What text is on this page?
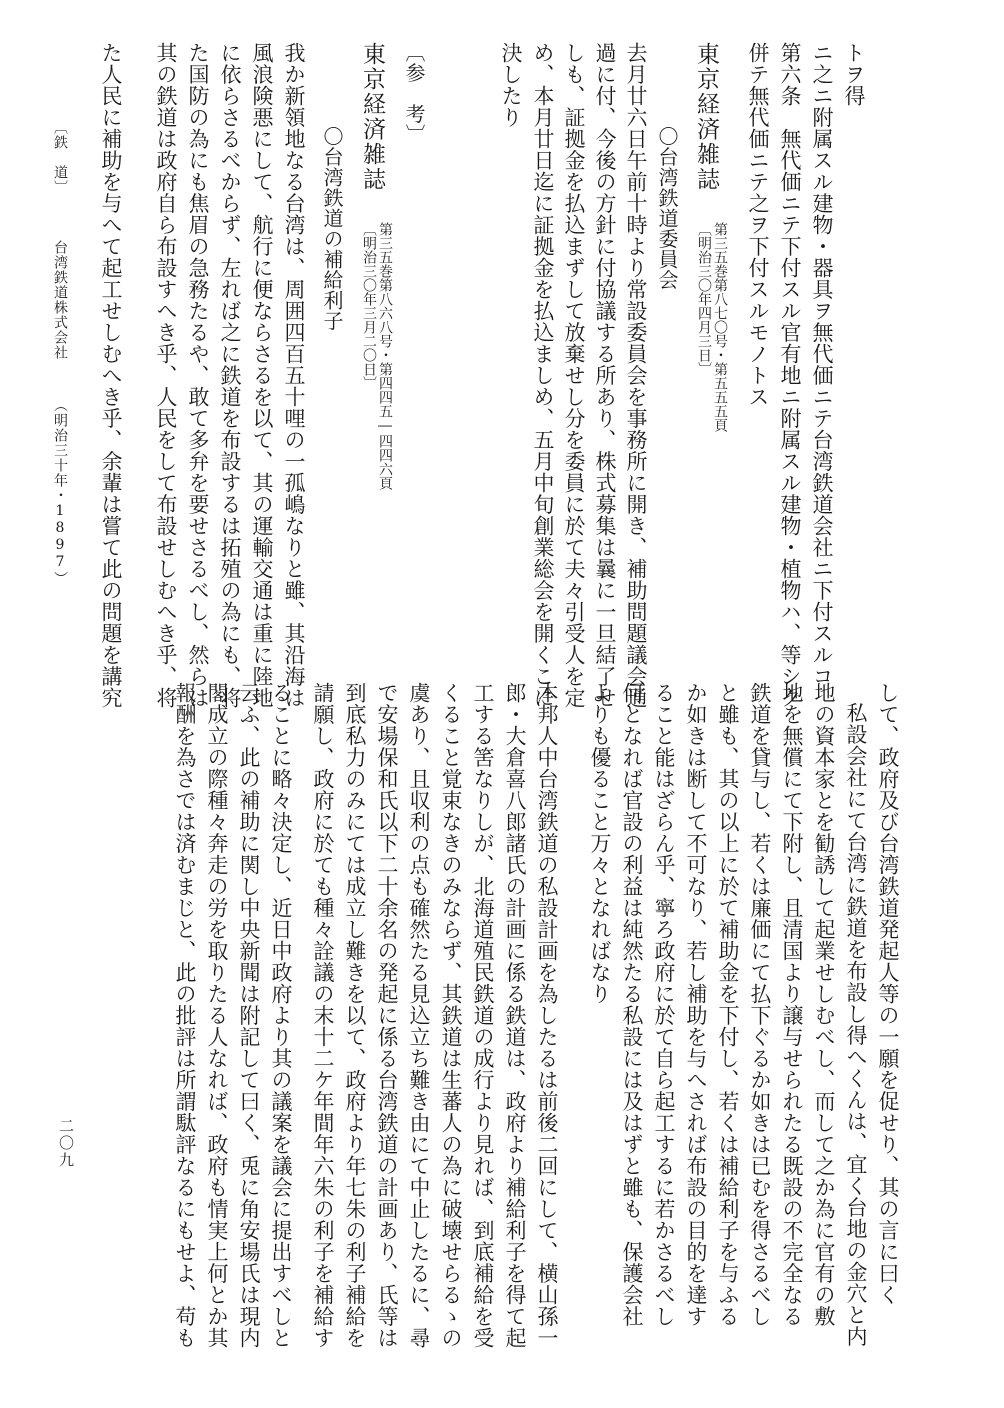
ニ之ニ附属スル建物・器具ヲ無代価ニテ台湾鉄道会社ニ下付スルコ トヲ得
第六条　無代価ニテ下付スル官有地ニ附属スル建物・植物ハ、等シク
併テ無代価ニテ之ヲ下付スルモノトス
東京経済雑誌
第三五巻第八七〇号・第五五五頁
〔明治三〇年四月三日〕
〇台湾鉄道委員会
去月廿六日午前十時より常設委員会を事務所に開き、補助問題議会通
過に付、今後の方針に付協議する所あり、株式募集は曩に一旦結了せ
しも、証拠金を払込まずして放棄せし分を委員に於て夫々引受人を定
め、本月廿日迄に証拠金を払込ましめ、五月中旬創業総会を開くこに
決したり
〔参　考〕
東京経済雑誌
第三五巻第八六八号・第四四五―四四六頁
〔明治三〇年三月二〇日〕
〇台湾鉄道の補給利子
我か新領地なる台湾は、周囲四百五十哩の一孤嶋なりと雖、其沿海は
風浪険悪にして、航行に便ならさるを以て、其の運輸交通は重に陸地
に依らさるべからず、左れば之に鉄道を布設するは拓殖の為にも、将
た国防の為にも焦眉の急務たるや、敢て多弁を要せさるべし、然らは
其の鉄道は政府自ら布設すへき乎、人民をして布設せしむへき乎、将
た人民に補助を与へて起工せしむへき乎、余輩は嘗て此の問題を講究
〔鉄　道〕
台湾鉄道株式会社
（明治三十年・1897）
して、政府及び台湾鉄道発起人等の一願を促せり、其の言に曰く
私設会社にて台湾に鉄道を布設し得へくんは、宜く台地の金穴と内
地の資本家とを勧誘して起業せしむべし、而して之か為に官有の敷
地を無償にて下附し、且清国より譲与せられたる既設の不完全なる
鉄道を貸与し、若くは廉価にて払下ぐるか如きは已むを得さるべし
と雖も、其の以上に於て補助金を下付し、若くは補給利子を与ふる
か如きは断して不可なり、若し補助を与へされば布設の目的を達す
ること能はざらん乎、寧ろ政府に於て自ら起工するに若かさるべし
何となれば官設の利益は純然たる私設には及はずと雖も、保護会社
よりも優ること万々となればなり
本邦人中台湾鉄道の私設計画を為したるは前後二回にして、横山孫一
郎・大倉喜八郎諸氏の計画に係る鉄道は、政府より補給利子を得て起
工する筈なりしが、北海道殖民鉄道の成行より見れば、到底補給を受
くること覚束なきのみならず、其鉄道は生蕃人の為に破壊せらるゝの
虞あり、且収利の点も確然たる見込立ち難き由にて中止したるに、尋
で安場保和氏以下二十余名の発起に係る台湾鉄道の計画あり、氏等は
到底私力のみにては成立し難きを以て、政府より年七朱の利子補給を
請願し、政府に於ても種々詮議の末十二ケ年間年六朱の利子を補給す
ることに略々決定し、近日中政府より其の議案を議会に提出すべしと
云ふ、此の補助に関し中央新聞は附記して曰く、兎に角安場氏は現内
閣成立の際種々奔走の労を取りたる人なれば、政府も情実上何とか其
報酬を為さでは済むまじと、此の批評は所謂駄評なるにもせよ、苟も
二〇九
